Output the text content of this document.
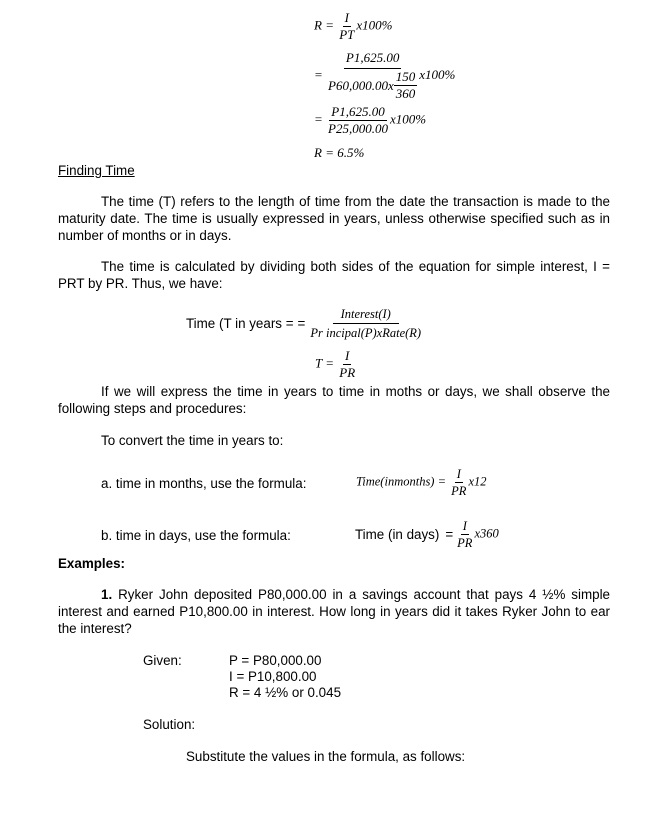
$R = \frac{I}{PT} x100\%$
= $\frac{P1,625.00}{P60,000.00x \frac{150}{360}} x100\%$
= $\frac{P1,625.00}{P25,000.00} x100\%$
R = 6.5%
Finding Time
The time (T) refers to the length of time from the date the transaction is made to the maturity date. The time is usually expressed in years, unless otherwise specified such as in number of months or in days.
The time is calculated by dividing both sides of the equation for simple interest, I = PRT by PR. Thus, we have:
Time (T in years = = $\frac{\text{Interest(I)}}{\text{Pr incipal(P)xRate(R)}}$
$T = \frac{I}{PR}$
If we will express the time in years to time in moths or days, we shall observe the following steps and procedures:
To convert the time in years to:
a. time in months, use the formula:	Time(inmonths) = $\frac{I}{PR} x12$
b. time in days, use the formula:	Time (in days) = $\frac{I}{PR} x360$
Examples:
1. Ryker John deposited P80,000.00 in a savings account that pays 4 ½% simple interest and earned P10,800.00 in interest. How long in years did it takes Ryker John to ear the interest?
Given:	P = P80,000.00
I = P10,800.00
R = 4 ½% or 0.045
Solution:
Substitute the values in the formula, as follows:
